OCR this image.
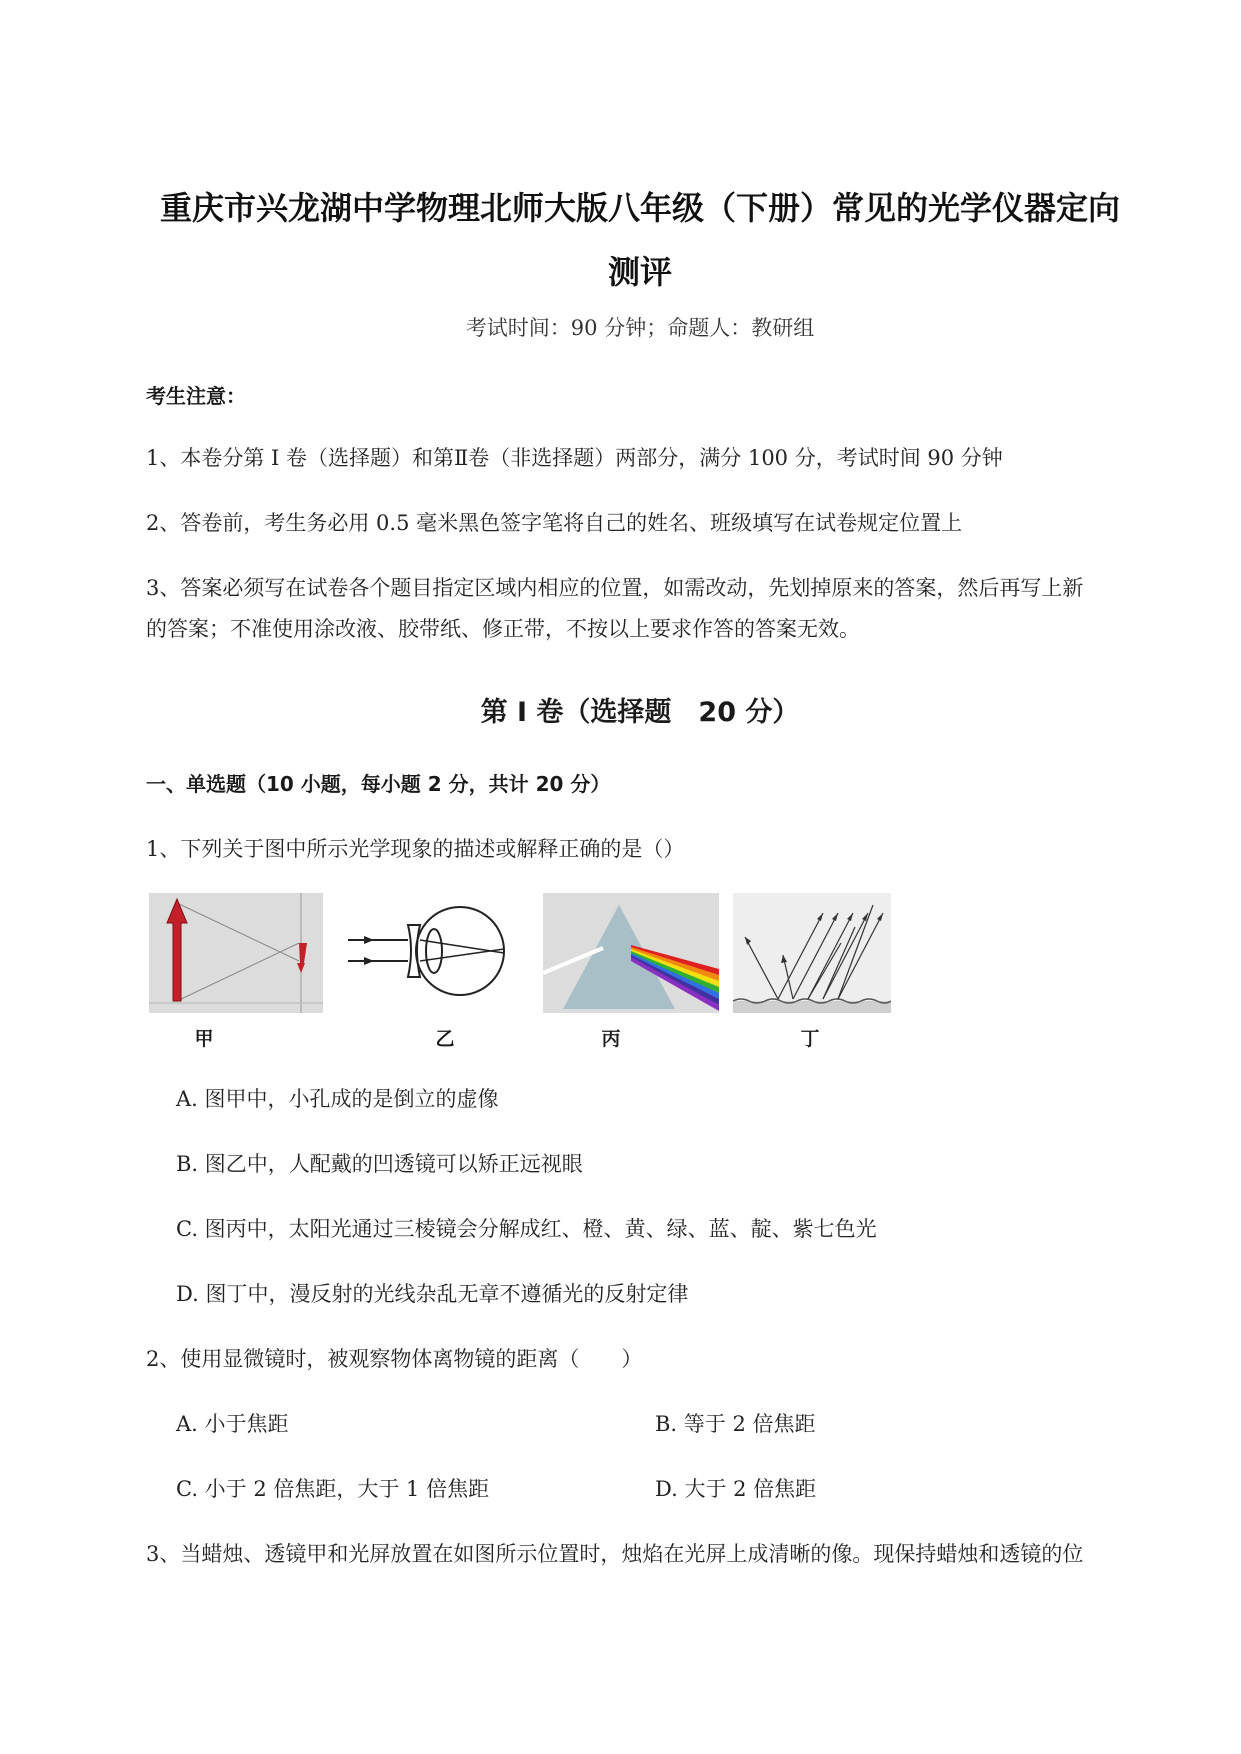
重庆市兴龙湖中学物理北师大版八年级（下册）常见的光学仪器定向
测评
考试时间：90 分钟；命题人：教研组
考生注意：
1、本卷分第 I 卷（选择题）和第Ⅱ卷（非选择题）两部分，满分 100 分，考试时间 90 分钟
2、答卷前，考生务必用 0.5 毫米黑色签字笔将自己的姓名、班级填写在试卷规定位置上
3、答案必须写在试卷各个题目指定区域内相应的位置，如需改动，先划掉原来的答案，然后再写上新
的答案；不准使用涂改液、胶带纸、修正带，不按以上要求作答的答案无效。
第 I 卷（选择题　20 分）
一、单选题（10 小题，每小题 2 分，共计 20 分）
1、下列关于图中所示光学现象的描述或解释正确的是（）
甲	乙	丙	丁
A. 图甲中，小孔成的是倒立的虚像
B. 图乙中，人配戴的凹透镜可以矫正远视眼
C. 图丙中，太阳光通过三棱镜会分解成红、橙、黄、绿、蓝、靛、紫七色光
D. 图丁中，漫反射的光线杂乱无章不遵循光的反射定律
2、使用显微镜时，被观察物体离物镜的距离（　　）
A. 小于焦距	B. 等于 2 倍焦距
C. 小于 2 倍焦距，大于 1 倍焦距	D. 大于 2 倍焦距
3、当蜡烛、透镜甲和光屏放置在如图所示位置时，烛焰在光屏上成清晰的像。现保持蜡烛和透镜的位
